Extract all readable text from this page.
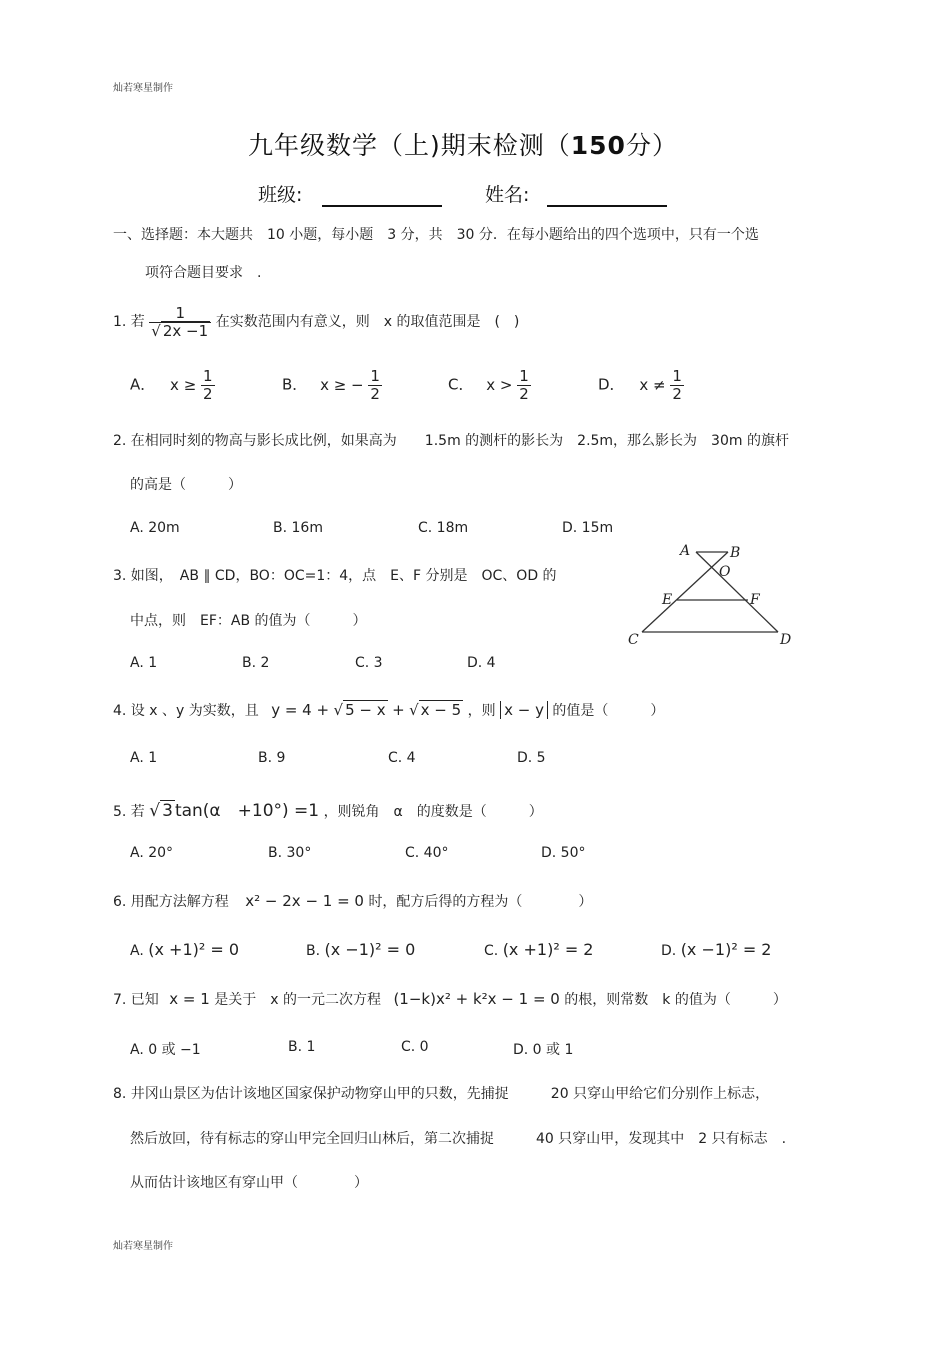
灿若寒星制作
九年级数学（上)期末检测（150分）
班级:	姓名:
一、选择题：本大题共　10 小题，每小题　3 分，共　30 分．在每小题给出的四个选项中，只有一个选
项符合题目要求　.
1. 若 $\frac{1}{√ 2x -1}$ 在实数范围内有意义，则　x 的取值范围是　(　)
A． $x \ge \frac{1}{2}$	B． x ≥ − $\frac{1}{2}$	C． $x > \frac{1}{2}$	D． $x \ne \frac{1}{2}$
2. 在相同时刻的物高与影长成比例，如果高为　　1.5m 的测杆的影长为　2.5m，那么影长为　30m 的旗杆
的高是（　　　）
A. 20m	B. 16m	C. 18m	D. 15m
3. 如图，　AB ∥ CD，BO：OC=1：4，点　E、F 分别是　OC、OD 的
中点，则　EF：AB 的值为（　　　）
A. 1	B. 2	C. 3	D. 4
A	B
O
E	F
C	D
4. 设 x 、y 为实数，且 y = 4 + √ 5 − x + √ x − 5 ，则 x − y 的值是（　　　）
A. 1	B. 9	C. 4	D. 5
5. 若 √ 3 tan(α　+10°) =1 ，则锐角　α　的度数是（　　　）
A. 20°	B. 30°	C. 40°	D. 50°
6. 用配方法解方程 x² − 2x − 1 = 0 时，配方后得的方程为（　　　　）
A. (x +1)² = 0	B. (x −1)² = 0	C. (x +1)² = 2	D. (x −1)² = 2
7. 已知 x = 1 是关于　x 的一元二次方程 (1−k)x² + k²x − 1 = 0 的根，则常数　k 的值为（　　　）
A. 0 或 −1	B. 1	C. 0	D. 0 或 1
8. 井冈山景区为估计该地区国家保护动物穿山甲的只数，先捕捉　　　20 只穿山甲给它们分别作上标志，
然后放回，待有标志的穿山甲完全回归山林后，第二次捕捉　　　40 只穿山甲，发现其中　2 只有标志　.
从而估计该地区有穿山甲（　　　　）
灿若寒星制作
